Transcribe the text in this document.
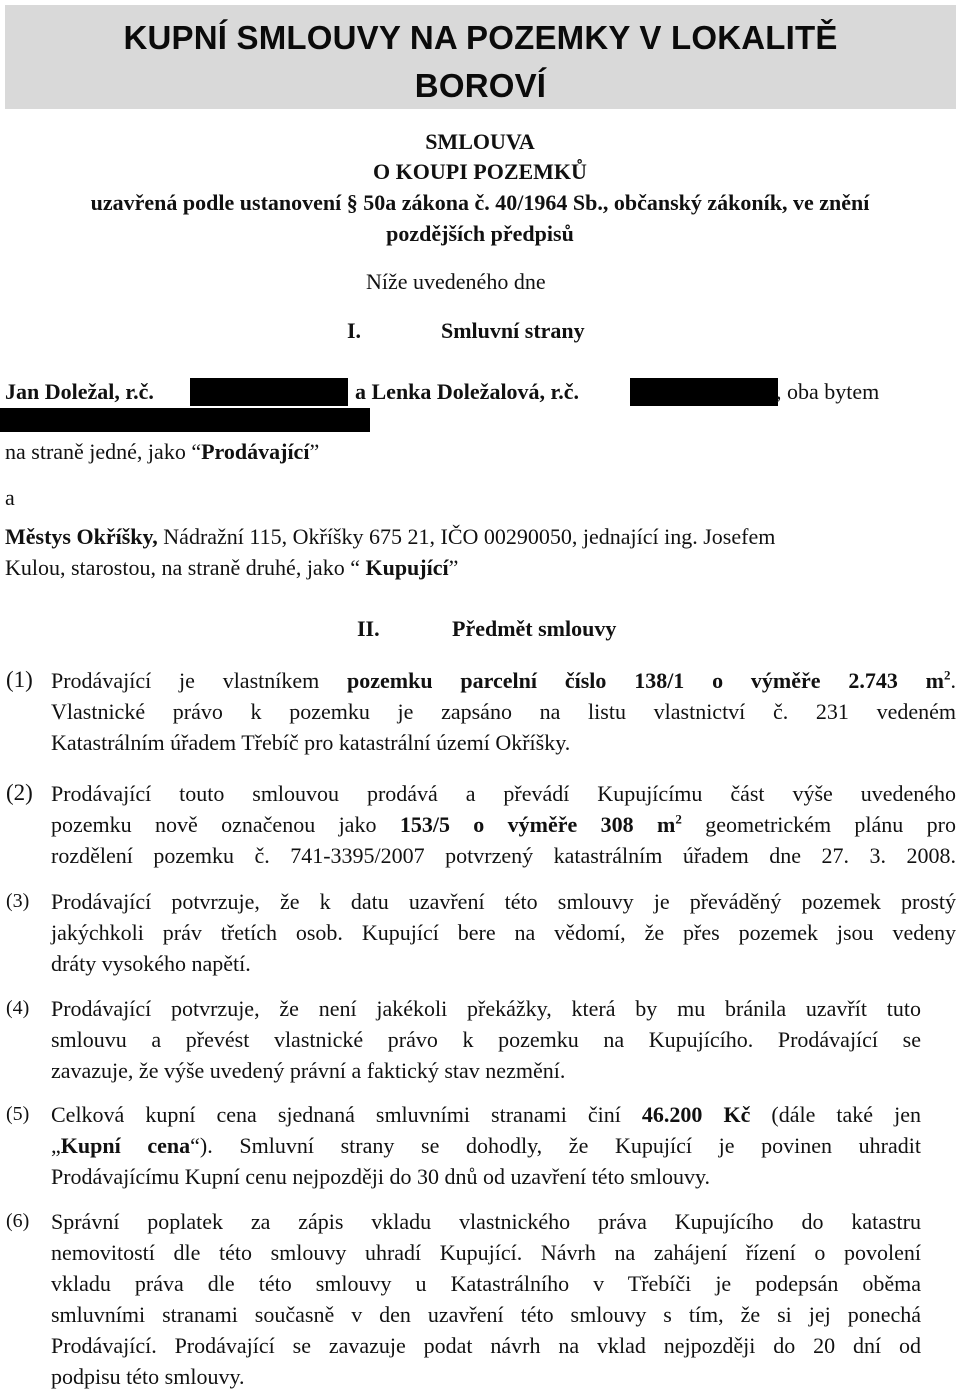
KUPNÍ SMLOUVY NA POZEMKY V LOKALITĚ
BOROVÍ
SMLOUVA
O KOUPI POZEMKŮ
uzavřená podle ustanovení § 50a zákona č. 40/1964 Sb., občanský zákoník, ve znění
pozdějších předpisů
Níže uvedeného dne
I.	Smluvní strany
Jan Doležal, r.č.	a Lenka Doležalová, r.č.	, oba bytem
na straně jedné, jako “Prodávající”
a
Městys Okříšky, Nádražní 115, Okříšky 675 21, IČO 00290050, jednající ing. Josefem
Kulou, starostou, na straně druhé, jako “ Kupující”
II.	Předmět smlouvy
(1) Prodávající je vlastníkem pozemku parcelní číslo 138/1 o výměře 2.743 $m^2$.
Vlastnické právo k pozemku je zapsáno na listu vlastnictví č. 231 vedeném
Katastrálním úřadem Třebíč pro katastrální území Okříšky.
(2) Prodávající touto smlouvou prodává a převádí Kupujícímu část výše uvedeného
pozemku nově označenou jako 153/5 o výměře 308 $m^2$ geometrickém plánu pro
rozdělení pozemku č. 741-3395/2007 potvrzený katastrálním úřadem dne 27. 3. 2008.
(3) Prodávající potvrzuje, že k datu uzavření této smlouvy je převáděný pozemek prostý
jakýchkoli práv třetích osob. Kupující bere na vědomí, že přes pozemek jsou vedeny
dráty vysokého napětí.
(4) Prodávající potvrzuje, že není jakékoli překážky, která by mu bránila uzavřít tuto
smlouvu a převést vlastnické právo k pozemku na Kupujícího. Prodávající se
zavazuje, že výše uvedený právní a faktický stav nezmění.
(5) Celková kupní cena sjednaná smluvními stranami činí 46.200 Kč (dále také jen
„Kupní cena“). Smluvní strany se dohodly, že Kupující je povinen uhradit
Prodávajícímu Kupní cenu nejpozději do 30 dnů od uzavření této smlouvy.
(6) Správní poplatek za zápis vkladu vlastnického práva Kupujícího do katastru
nemovitostí dle této smlouvy uhradí Kupující. Návrh na zahájení řízení o povolení
vkladu práva dle této smlouvy u Katastrálního v Třebíči je podepsán oběma
smluvními stranami současně v den uzavření této smlouvy s tím, že si jej ponechá
Prodávající. Prodávající se zavazuje podat návrh na vklad nejpozději do 20 dní od
podpisu této smlouvy.
